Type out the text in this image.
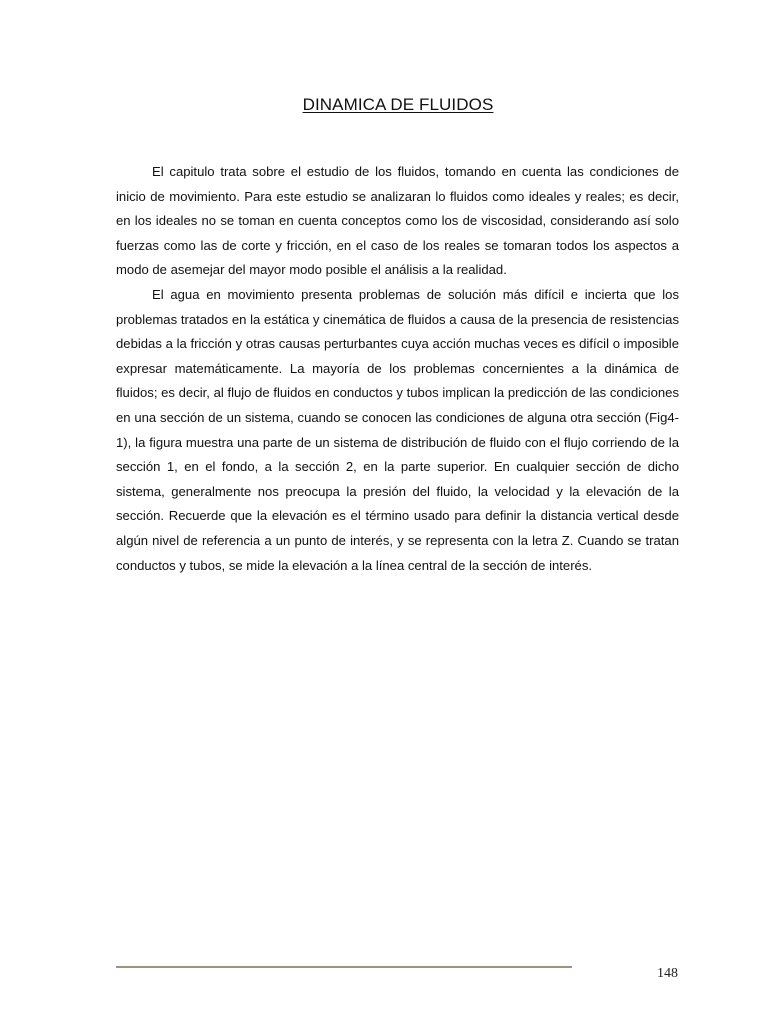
DINAMICA DE FLUIDOS

El capitulo trata sobre el estudio de los fluidos, tomando en cuenta las condiciones de inicio de movimiento. Para este estudio se analizaran lo fluidos como ideales y reales; es decir, en los ideales no se toman en cuenta conceptos como los de viscosidad, considerando así solo fuerzas como las de corte y fricción, en el caso de los reales se tomaran todos los aspectos a modo de asemejar del mayor modo posible el análisis a la realidad.

El agua en movimiento presenta problemas de solución más difícil e incierta que los problemas tratados en la estática y cinemática de fluidos a causa de la presencia de resistencias debidas a la fricción y otras causas perturbantes cuya acción muchas veces es difícil o imposible expresar matemáticamente. La mayoría de los problemas concernientes a la dinámica de fluidos; es decir, al flujo de fluidos en conductos y tubos implican la predicción de las condiciones en una sección de un sistema, cuando se conocen las condiciones de alguna otra sección (Fig4-1), la figura muestra una parte de un sistema de distribución de fluido con el flujo corriendo de la sección 1, en el fondo, a la sección 2, en la parte superior. En cualquier sección de dicho sistema, generalmente nos preocupa la presión del fluido, la velocidad y la elevación de la sección. Recuerde que la elevación es el término usado para definir la distancia vertical desde algún nivel de referencia a un punto de interés, y se representa con la letra Z. Cuando se tratan conductos y tubos, se mide la elevación a la línea central de la sección de interés.

148
